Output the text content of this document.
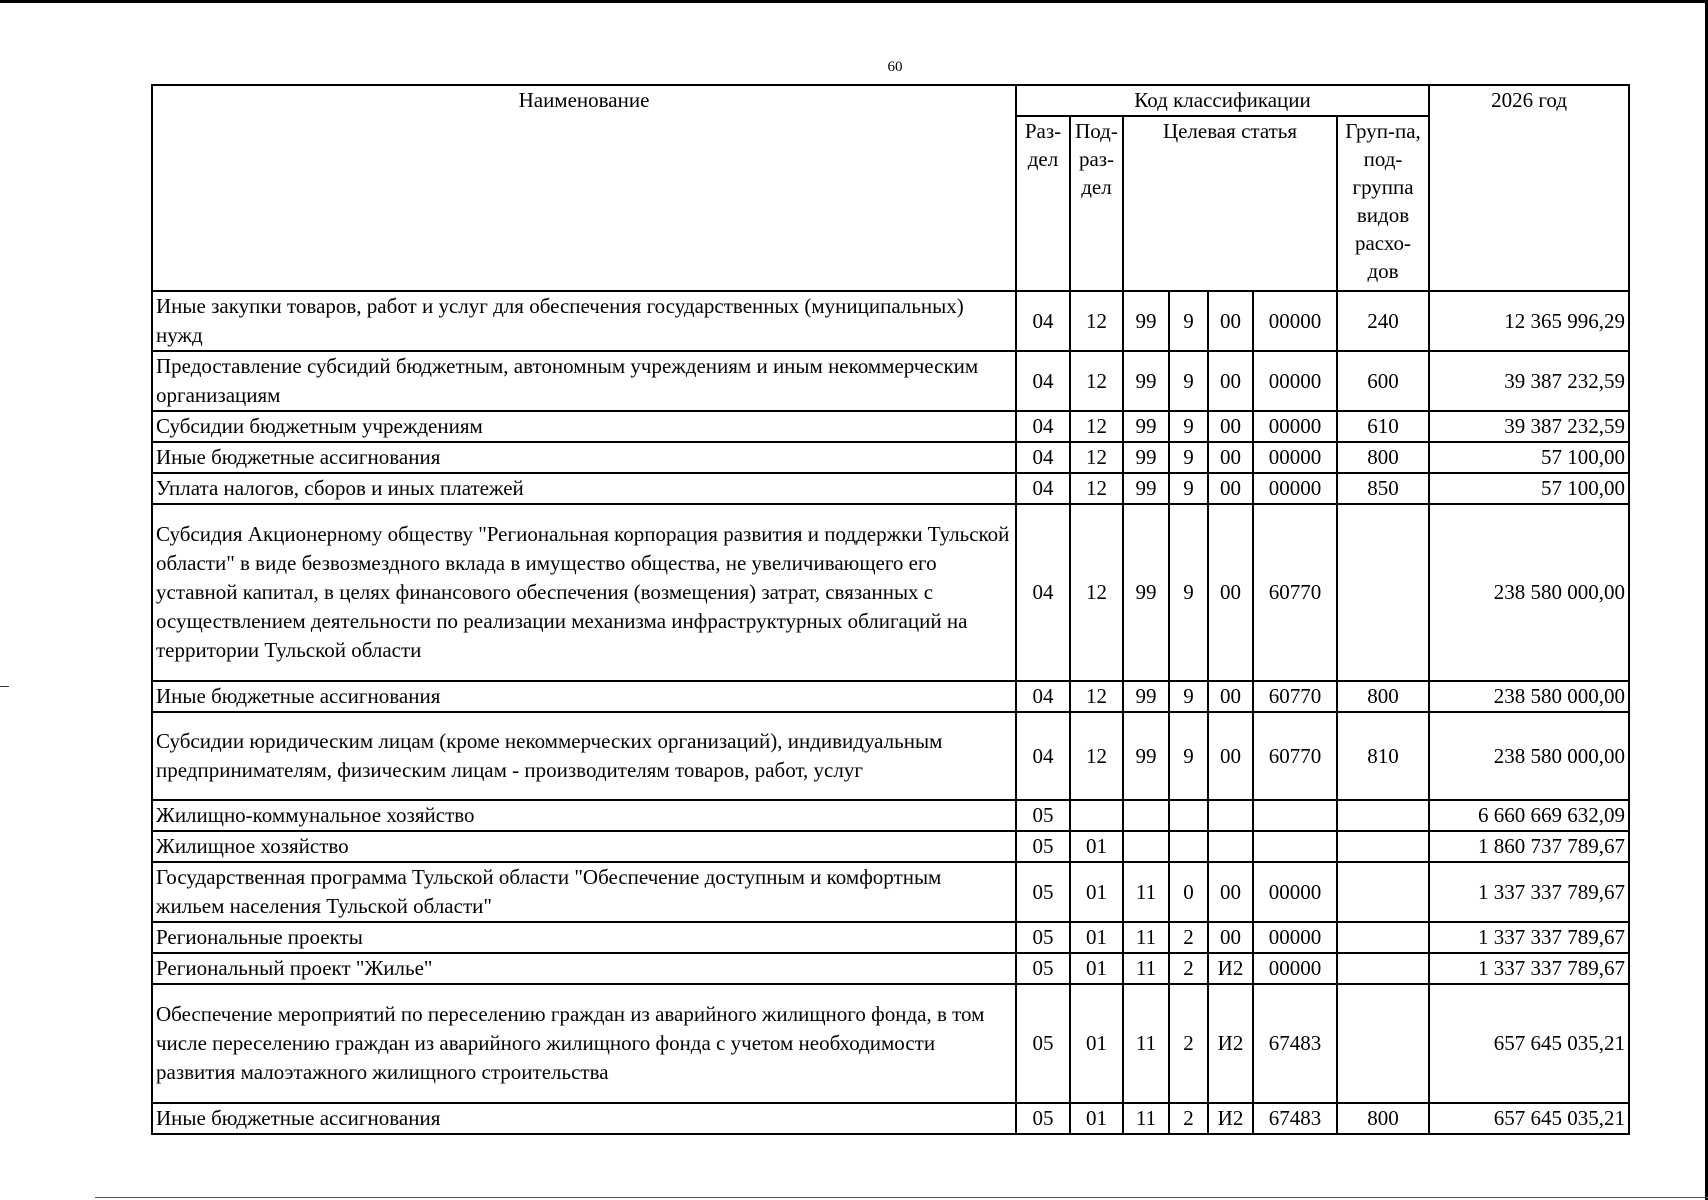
60
Наименование	Код классификации							2026 год
	Раз-дел	Под-раз-дел	Целевая статья				Груп-па, под-группа видов расхо-дов	
Иные закупки товаров, работ и услуг для обеспечения государственных (муниципальных) нужд	04	12	99	9	00	00000	240	12 365 996,29
Предоставление субсидий бюджетным, автономным учреждениям и иным некоммерческим организациям	04	12	99	9	00	00000	600	39 387 232,59
Субсидии бюджетным учреждениям	04	12	99	9	00	00000	610	39 387 232,59
Иные бюджетные ассигнования	04	12	99	9	00	00000	800	57 100,00
Уплата налогов, сборов и иных платежей	04	12	99	9	00	00000	850	57 100,00
Субсидия Акционерному обществу "Региональная корпорация развития и поддержки Тульской области" в виде безвозмездного вклада в имущество общества, не увеличивающего его уставной капитал, в целях финансового обеспечения (возмещения) затрат, связанных с осуществлением деятельности по реализации механизма инфраструктурных облигаций на территории Тульской области	04	12	99	9	00	60770		238 580 000,00
Иные бюджетные ассигнования	04	12	99	9	00	60770	800	238 580 000,00
Субсидии юридическим лицам (кроме некоммерческих организаций), индивидуальным предпринимателям, физическим лицам - производителям товаров, работ, услуг	04	12	99	9	00	60770	810	238 580 000,00
Жилищно-коммунальное хозяйство	05							6 660 669 632,09
Жилищное хозяйство	05	01						1 860 737 789,67
Государственная программа Тульской области "Обеспечение доступным и комфортным жильем населения Тульской области"	05	01	11	0	00	00000		1 337 337 789,67
Региональные проекты	05	01	11	2	00	00000		1 337 337 789,67
Региональный проект "Жилье"	05	01	11	2	И2	00000		1 337 337 789,67
Обеспечение мероприятий по переселению граждан из аварийного жилищного фонда, в том числе переселению граждан из аварийного жилищного фонда с учетом необходимости развития малоэтажного жилищного строительства	05	01	11	2	И2	67483		657 645 035,21
Иные бюджетные ассигнования	05	01	11	2	И2	67483	800	657 645 035,21
